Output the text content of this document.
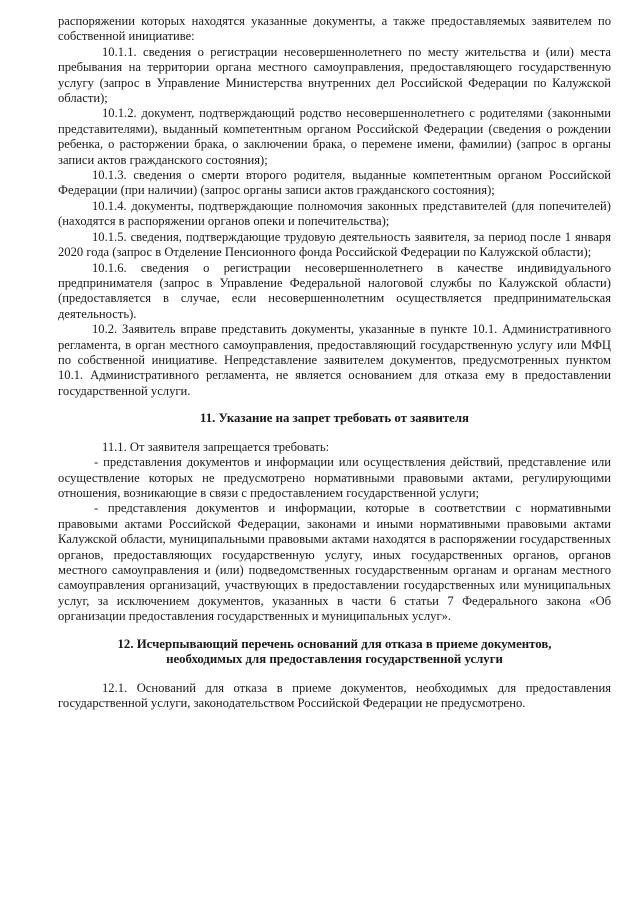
распоряжении которых находятся указанные документы, а также предоставляемых заявителем по собственной инициативе:

10.1.1. сведения о регистрации несовершеннолетнего по месту жительства и (или) места пребывания на территории органа местного самоуправления, предоставляющего государственную услугу (запрос в Управление Министерства внутренних дел Российской Федерации по Калужской области);

10.1.2. документ, подтверждающий родство несовершеннолетнего с родителями (законными представителями), выданный компетентным органом Российской Федерации (сведения о рождении ребенка, о расторжении брака, о заключении брака, о перемене имени, фамилии) (запрос в органы записи актов гражданского состояния);

10.1.3. сведения о смерти второго родителя, выданные компетентным органом Российской Федерации (при наличии) (запрос органы записи актов гражданского состояния);

10.1.4. документы, подтверждающие полномочия законных представителей (для попечителей) (находятся в распоряжении органов опеки и попечительства);

10.1.5. сведения, подтверждающие трудовую деятельность заявителя, за период после 1 января 2020 года (запрос в Отделение Пенсионного фонда Российской Федерации по Калужской области);

10.1.6. сведения о регистрации несовершеннолетнего в качестве индивидуального предпринимателя (запрос в Управление Федеральной налоговой службы по Калужской области) (предоставляется в случае, если несовершеннолетним осуществляется предпринимательская деятельность).

10.2. Заявитель вправе представить документы, указанные в пункте 10.1. Административного регламента, в орган местного самоуправления, предоставляющий государственную услугу или МФЦ по собственной инициативе. Непредставление заявителем документов, предусмотренных пунктом 10.1. Административного регламента, не является основанием для отказа ему в предоставлении государственной услуги.

11. Указание на запрет требовать от заявителя

11.1. От заявителя запрещается требовать:

- представления документов и информации или осуществления действий, представление или осуществление которых не предусмотрено нормативными правовыми актами, регулирующими отношения, возникающие в связи с предоставлением государственной услуги;

- представления документов и информации, которые в соответствии с нормативными правовыми актами Российской Федерации, законами и иными нормативными правовыми актами Калужской области, муниципальными правовыми актами находятся в распоряжении государственных органов, предоставляющих государственную услугу, иных государственных органов, органов местного самоуправления и (или) подведомственных государственным органам и органам местного самоуправления организаций, участвующих в предоставлении государственных или муниципальных услуг, за исключением документов, указанных в части 6 статьи 7 Федерального закона «Об организации предоставления государственных и муниципальных услуг».

12. Исчерпывающий перечень оснований для отказа в приеме документов,
необходимых для предоставления государственной услуги

12.1. Оснований для отказа в приеме документов, необходимых для предоставления государственной услуги, законодательством Российской Федерации не предусмотрено.
